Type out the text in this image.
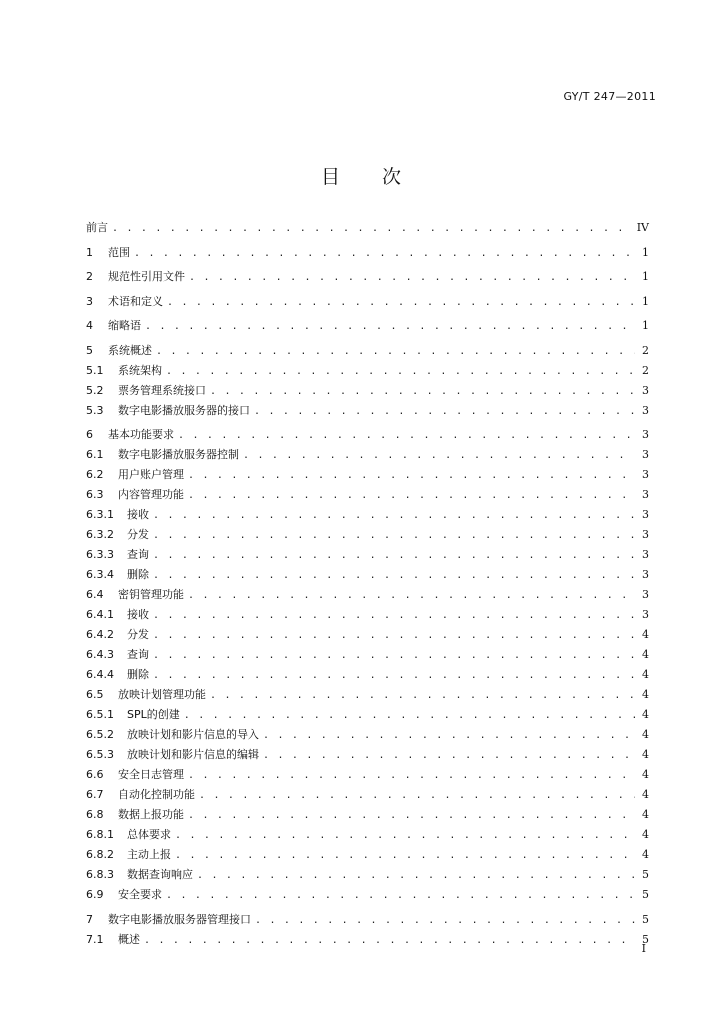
GY/T 247—2011
目 次
前言 . . .	IV
1	范围 . . .	1
2	规范性引用文件 . . .	1
3	术语和定义 . . .	1
4	缩略语 . . .	1
5	系统概述 . . .	2
5.1	系统架构 . . .	2
5.2	票务管理系统接口 . . .	3
5.3	数字电影播放服务器的接口 . . .	3
6	基本功能要求 . . .	3
6.1	数字电影播放服务器控制 . . .	3
6.2	用户账户管理 . . .	3
6.3	内容管理功能 . . .	3
6.3.1	接收 . . .	3
6.3.2	分发 . . .	3
6.3.3	查询 . . .	3
6.3.4	删除 . . .	3
6.4	密钥管理功能 . . .	3
6.4.1	接收 . . .	3
6.4.2	分发 . . .	4
6.4.3	查询 . . .	4
6.4.4	删除 . . .	4
6.5	放映计划管理功能 . . .	4
6.5.1	SPL的创建 . . .	4
6.5.2	放映计划和影片信息的导入 . . .	4
6.5.3	放映计划和影片信息的编辑 . . .	4
6.6	安全日志管理 . . .	4
6.7	自动化控制功能 . . .	4
6.8	数据上报功能 . . .	4
6.8.1	总体要求 . . .	4
6.8.2	主动上报 . . .	4
6.8.3	数据查询响应 . . .	5
6.9	安全要求 . . .	5
7	数字电影播放服务器管理接口 . . .	5
7.1	概述 . . .	5
I
